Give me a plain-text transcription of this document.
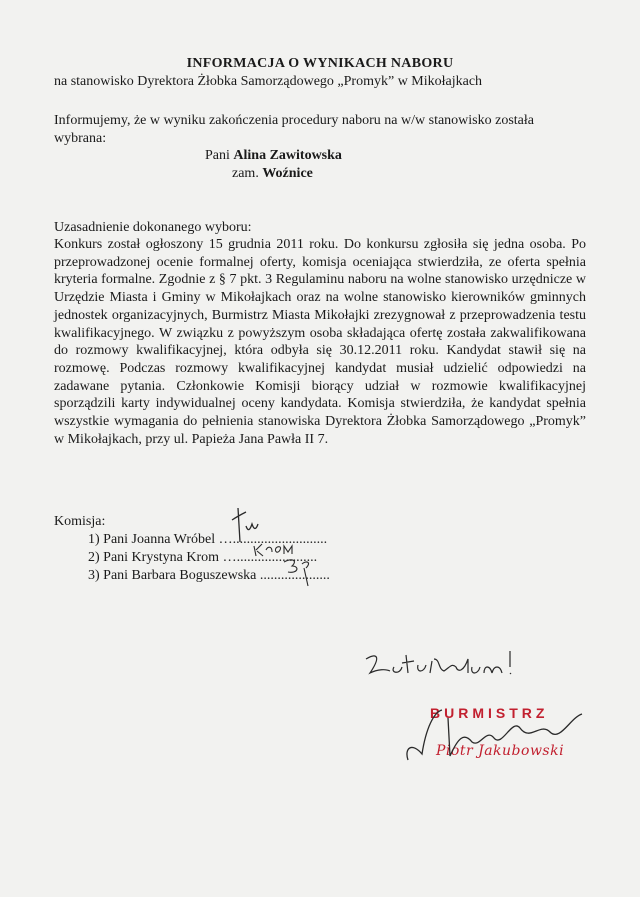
INFORMACJA O WYNIKACH NABORU
na stanowisko Dyrektora Żłobka Samorządowego „Promyk” w Mikołajkach
Informujemy, że w wyniku zakończenia procedury naboru na w/w stanowisko została wybrana:
Pani Alina Zawitowska
zam. Woźnice
Uzasadnienie dokonanego wyboru:
Konkurs został ogłoszony 15 grudnia 2011 roku. Do konkursu zgłosiła się jedna osoba. Po przeprowadzonej ocenie formalnej oferty, komisja oceniająca stwierdziła, ze oferta spełnia kryteria formalne. Zgodnie z § 7 pkt. 3 Regulaminu naboru na wolne stanowisko urzędnicze w Urzędzie Miasta i Gminy w Mikołajkach oraz na wolne stanowisko kierowników gminnych jednostek organizacyjnych, Burmistrz Miasta Mikołajki zrezygnował z przeprowadzenia testu kwalifikacyjnego. W związku z powyższym osoba składająca ofertę została zakwalifikowana do rozmowy kwalifikacyjnej, która odbyła się 30.12.2011 roku. Kandydat stawił się na rozmowę. Podczas rozmowy kwalifikacyjnej kandydat musiał udzielić odpowiedzi na zadawane pytania. Członkowie Komisji biorący udział w rozmowie kwalifikacyjnej sporządzili karty indywidualnej oceny kandydata. Komisja stwierdziła, że kandydat spełnia wszystkie wymagania do pełnienia stanowiska Dyrektora Żłobka Samorządowego „Promyk” w Mikołajkach, przy ul. Papieża Jana Pawła II 7.
Komisja:
1) Pani Joanna Wróbel …...........................
2) Pani Krystyna Krom ….......................
3) Pani Barbara Boguszewska ....................
BURMISTRZ
Piotr Jakubowski
